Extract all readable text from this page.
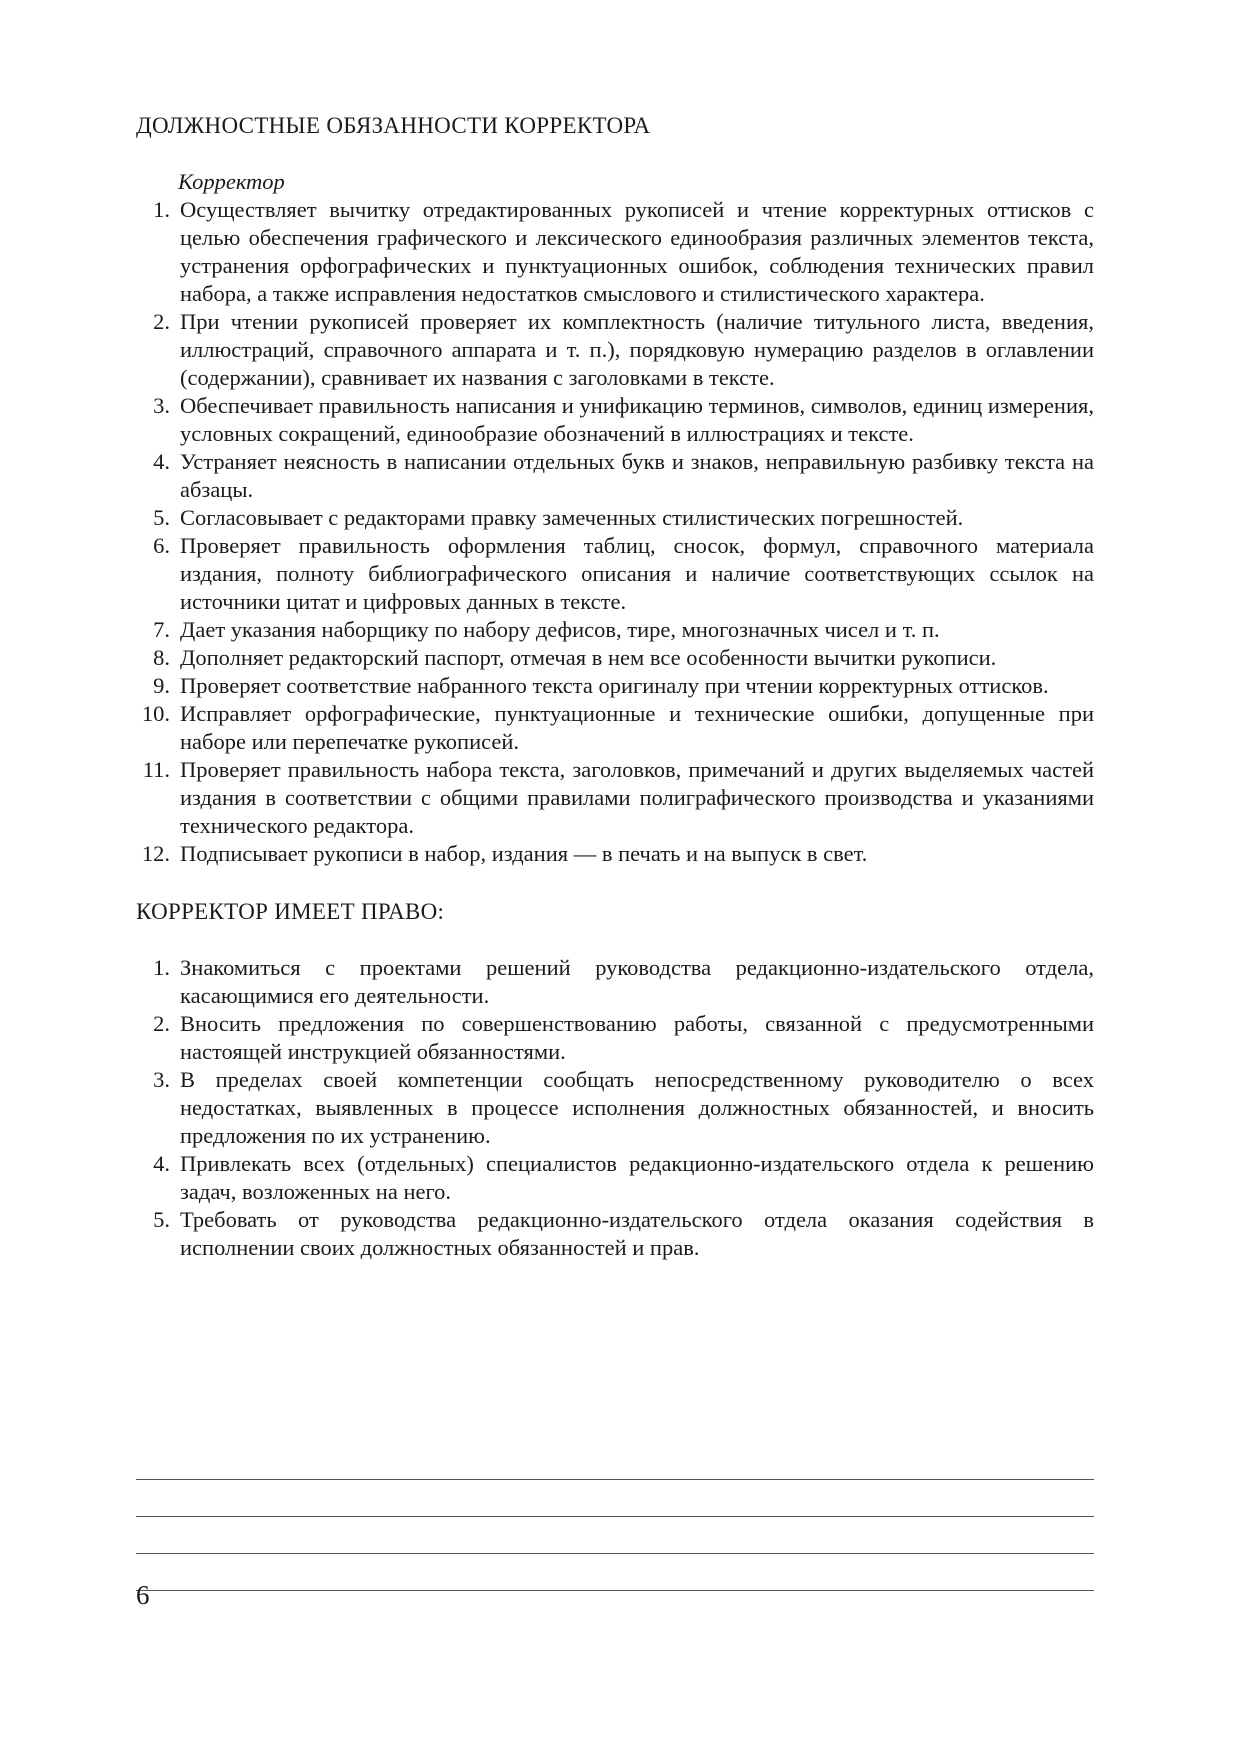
ДОЛЖНОСТНЫЕ ОБЯЗАННОСТИ КОРРЕКТОРА
Корректор
1. Осуществляет вычитку отредактированных рукописей и чтение корректурных оттисков с целью обеспечения графического и лексического единообразия различных элементов текста, устранения орфографических и пунктуационных ошибок, соблюдения технических правил набора, а также исправления недостатков смыслового и стилистического характера.
2. При чтении рукописей проверяет их комплектность (наличие титульного листа, введения, иллюстраций, справочного аппарата и т. п.), порядковую нумерацию разделов в оглавлении (содержании), сравнивает их названия с заголовками в тексте.
3. Обеспечивает правильность написания и унификацию терминов, символов, единиц измерения, условных сокращений, единообразие обозначений в иллюстрациях и тексте.
4. Устраняет неясность в написании отдельных букв и знаков, неправильную разбивку текста на абзацы.
5. Согласовывает с редакторами правку замеченных стилистических погрешностей.
6. Проверяет правильность оформления таблиц, сносок, формул, справочного материала издания, полноту библиографического описания и наличие соответствующих ссылок на источники цитат и цифровых данных в тексте.
7. Дает указания наборщику по набору дефисов, тире, многозначных чисел и т. п.
8. Дополняет редакторский паспорт, отмечая в нем все особенности вычитки рукописи.
9. Проверяет соответствие набранного текста оригиналу при чтении корректурных оттисков.
10. Исправляет орфографические, пунктуационные и технические ошибки, допущенные при наборе или перепечатке рукописей.
11. Проверяет правильность набора текста, заголовков, примечаний и других выделяемых частей издания в соответствии с общими правилами полиграфического производства и указаниями технического редактора.
12. Подписывает рукописи в набор, издания — в печать и на выпуск в свет.
КОРРЕКТОР ИМЕЕТ ПРАВО:
1. Знакомиться с проектами решений руководства редакционно-издательского отдела, касающимися его деятельности.
2. Вносить предложения по совершенствованию работы, связанной с предусмотренными настоящей инструкцией обязанностями.
3. В пределах своей компетенции сообщать непосредственному руководителю о всех недостатках, выявленных в процессе исполнения должностных обязанностей, и вносить предложения по их устранению.
4. Привлекать всех (отдельных) специалистов редакционно-издательского отдела к решению задач, возложенных на него.
5. Требовать от руководства редакционно-издательского отдела оказания содействия в исполнении своих должностных обязанностей и прав.
6
